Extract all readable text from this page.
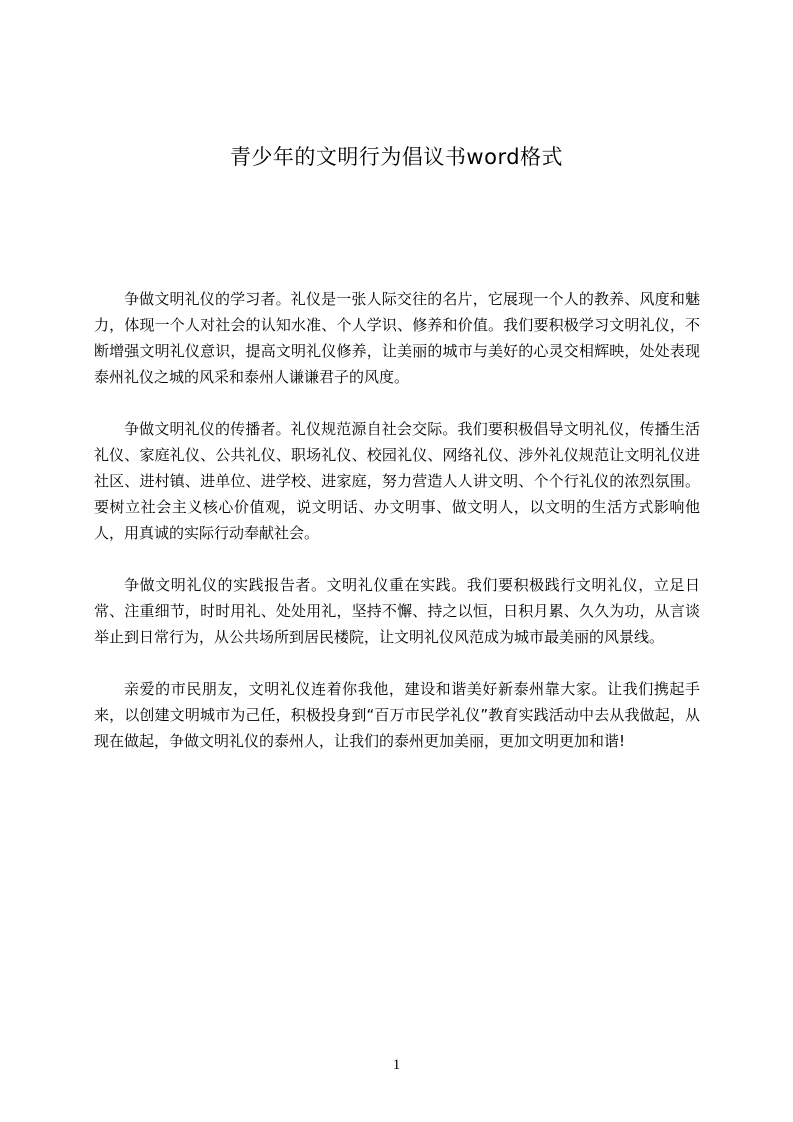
青少年的文明行为倡议书word格式

争做文明礼仪的学习者。礼仪是一张人际交往的名片，它展现一个人的教养、风度和魅力，体现一个人对社会的认知水准、个人学识、修养和价值。我们要积极学习文明礼仪，不断增强文明礼仪意识，提高文明礼仪修养，让美丽的城市与美好的心灵交相辉映，处处表现泰州礼仪之城的风采和泰州人谦谦君子的风度。

争做文明礼仪的传播者。礼仪规范源自社会交际。我们要积极倡导文明礼仪，传播生活礼仪、家庭礼仪、公共礼仪、职场礼仪、校园礼仪、网络礼仪、涉外礼仪规范让文明礼仪进社区、进村镇、进单位、进学校、进家庭，努力营造人人讲文明、个个行礼仪的浓烈氛围。要树立社会主义核心价值观，说文明话、办文明事、做文明人，以文明的生活方式影响他人，用真诚的实际行动奉献社会。

争做文明礼仪的实践报告者。文明礼仪重在实践。我们要积极践行文明礼仪，立足日常、注重细节，时时用礼、处处用礼，坚持不懈、持之以恒，日积月累、久久为功，从言谈举止到日常行为，从公共场所到居民楼院，让文明礼仪风范成为城市最美丽的风景线。

亲爱的市民朋友，文明礼仪连着你我他，建设和谐美好新泰州靠大家。让我们携起手来，以创建文明城市为己任，积极投身到“百万市民学礼仪”教育实践活动中去从我做起，从现在做起，争做文明礼仪的泰州人，让我们的泰州更加美丽，更加文明更加和谐!

1
